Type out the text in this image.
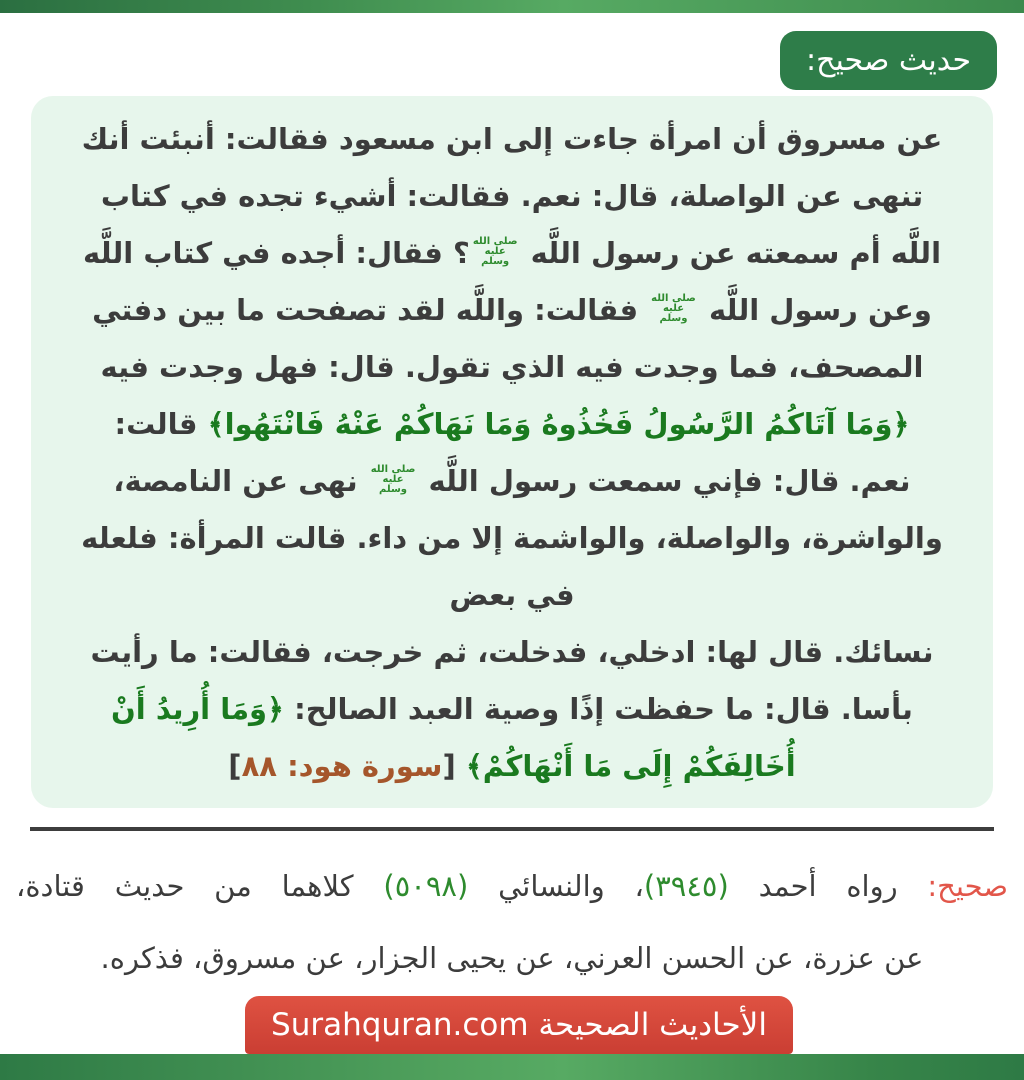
حديث صحيح:
عن مسروق أن امرأة جاءت إلى ابن مسعود فقالت: أنبئت أنك
تنهى عن الواصلة، قال: نعم. فقالت: أشيء تجده في كتاب
اللَّه أم سمعته عن رسول اللَّه
صلى الله
عليه
وسلم
؟ فقال: أجده في كتاب اللَّه
وعن رسول اللَّه
صلى الله
عليه
وسلم
فقالت: واللَّه لقد تصفحت ما بين دفتي
المصحف، فما وجدت فيه الذي تقول. قال: فهل وجدت فيه
﴿وَمَا آتَاكُمُ الرَّسُولُ فَخُذُوهُ وَمَا نَهَاكُمْ عَنْهُ فَانْتَهُوا﴾ قالت:
نعم. قال: فإني سمعت رسول اللَّه
صلى الله
عليه
وسلم
نهى عن النامصة،
والواشرة، والواصلة، والواشمة إلا من داء. قالت المرأة: فلعله
في بعض
نسائك. قال لها: ادخلي، فدخلت، ثم خرجت، فقالت: ما رأيت
بأسا. قال: ما حفظت إذًا وصية العبد الصالح: ﴿وَمَا أُرِيدُ أَنْ
أُخَالِفَكُمْ إِلَى مَا أَنْهَاكُمْ﴾ [سورة هود: ٨٨]
صحيح: رواه أحمد (٣٩٤٥)، والنسائي (٥٠٩٨) كلاهما من حديث قتادة،
عن عزرة، عن الحسن العرني، عن يحيى الجزار، عن مسروق، فذكره.
الأحاديث الصحيحة Surahquran.com
